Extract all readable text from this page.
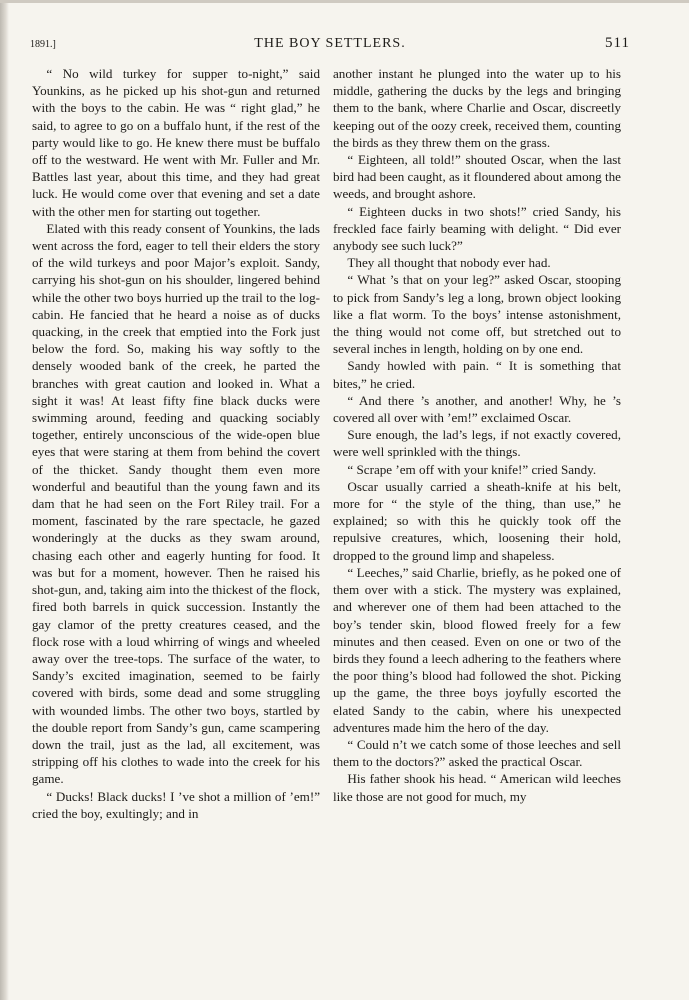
1891.]	THE BOY SETTLERS.	511

“ No wild turkey for supper to-night,” said Younkins, as he picked up his shot-gun and returned with the boys to the cabin. He was “ right glad,” he said, to agree to go on a buffalo hunt, if the rest of the party would like to go. He knew there must be buffalo off to the westward. He went with Mr. Fuller and Mr. Battles last year, about this time, and they had great luck. He would come over that evening and set a date with the other men for starting out together.

Elated with this ready consent of Younkins, the lads went across the ford, eager to tell their elders the story of the wild turkeys and poor Major’s exploit. Sandy, carrying his shot-gun on his shoulder, lingered behind while the other two boys hurried up the trail to the log-cabin. He fancied that he heard a noise as of ducks quacking, in the creek that emptied into the Fork just below the ford. So, making his way softly to the densely wooded bank of the creek, he parted the branches with great caution and looked in. What a sight it was! At least fifty fine black ducks were swimming around, feeding and quacking sociably together, entirely unconscious of the wide-open blue eyes that were staring at them from behind the covert of the thicket. Sandy thought them even more wonderful and beautiful than the young fawn and its dam that he had seen on the Fort Riley trail. For a moment, fascinated by the rare spectacle, he gazed wonderingly at the ducks as they swam around, chasing each other and eagerly hunting for food. It was but for a moment, however. Then he raised his shot-gun, and, taking aim into the thickest of the flock, fired both barrels in quick succession. Instantly the gay clamor of the pretty creatures ceased, and the flock rose with a loud whirring of wings and wheeled away over the tree-tops. The surface of the water, to Sandy’s excited imagination, seemed to be fairly covered with birds, some dead and some struggling with wounded limbs. The other two boys, startled by the double report from Sandy’s gun, came scampering down the trail, just as the lad, all excitement, was stripping off his clothes to wade into the creek for his game.

“ Ducks! Black ducks! I ’ve shot a million of ’em!” cried the boy, exultingly; and in

another instant he plunged into the water up to his middle, gathering the ducks by the legs and bringing them to the bank, where Charlie and Oscar, discreetly keeping out of the oozy creek, received them, counting the birds as they threw them on the grass.

“ Eighteen, all told!” shouted Oscar, when the last bird had been caught, as it floundered about among the weeds, and brought ashore.

“ Eighteen ducks in two shots!” cried Sandy, his freckled face fairly beaming with delight. “ Did ever anybody see such luck?”

They all thought that nobody ever had.

“ What ’s that on your leg?” asked Oscar, stooping to pick from Sandy’s leg a long, brown object looking like a flat worm. To the boys’ intense astonishment, the thing would not come off, but stretched out to several inches in length, holding on by one end.

Sandy howled with pain. “ It is something that bites,” he cried.

“ And there ’s another, and another! Why, he ’s covered all over with ’em!” exclaimed Oscar.

Sure enough, the lad’s legs, if not exactly covered, were well sprinkled with the things.

“ Scrape ’em off with your knife!” cried Sandy.

Oscar usually carried a sheath-knife at his belt, more for “ the style of the thing, than use,” he explained; so with this he quickly took off the repulsive creatures, which, loosening their hold, dropped to the ground limp and shapeless.

“ Leeches,” said Charlie, briefly, as he poked one of them over with a stick. The mystery was explained, and wherever one of them had been attached to the boy’s tender skin, blood flowed freely for a few minutes and then ceased. Even on one or two of the birds they found a leech adhering to the feathers where the poor thing’s blood had followed the shot. Picking up the game, the three boys joyfully escorted the elated Sandy to the cabin, where his unexpected adventures made him the hero of the day.

“ Could n’t we catch some of those leeches and sell them to the doctors?” asked the practical Oscar.

His father shook his head. “ American wild leeches like those are not good for much, my
